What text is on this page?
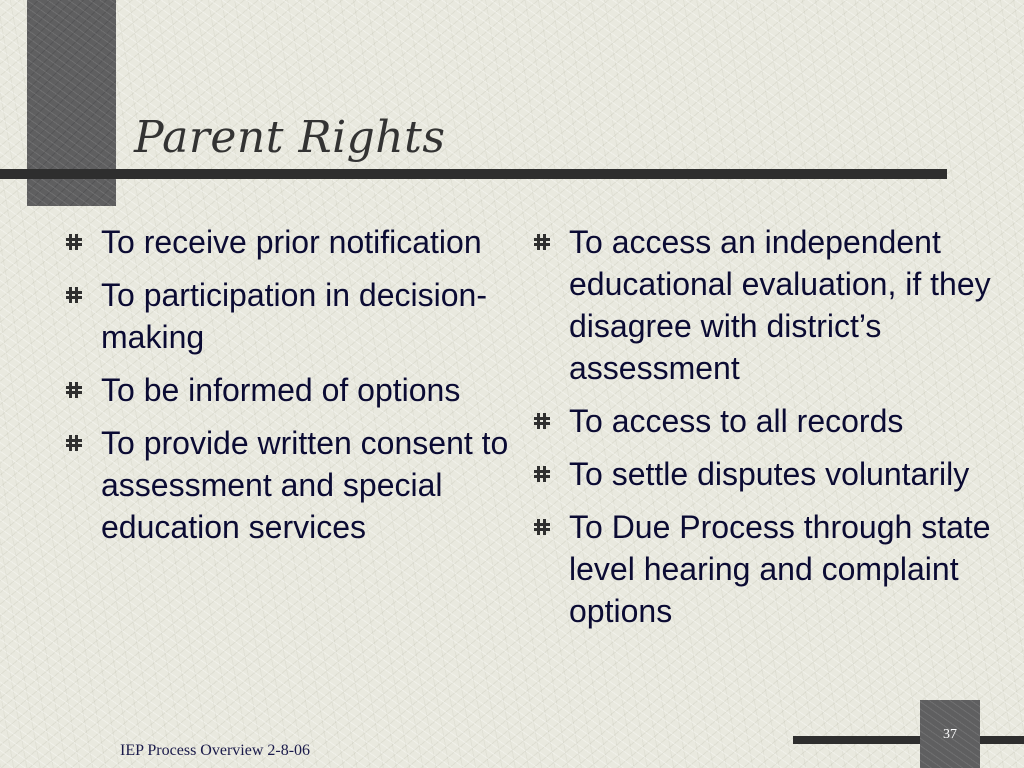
Parent Rights
To receive prior notification
To participation in decision-making
To be informed of options
To provide written consent to assessment and special education services
To access an independent educational evaluation, if they disagree with district’s assessment
To access to all records
To settle disputes voluntarily
To Due Process through state level hearing and complaint options
37
IEP Process Overview 2-8-06
